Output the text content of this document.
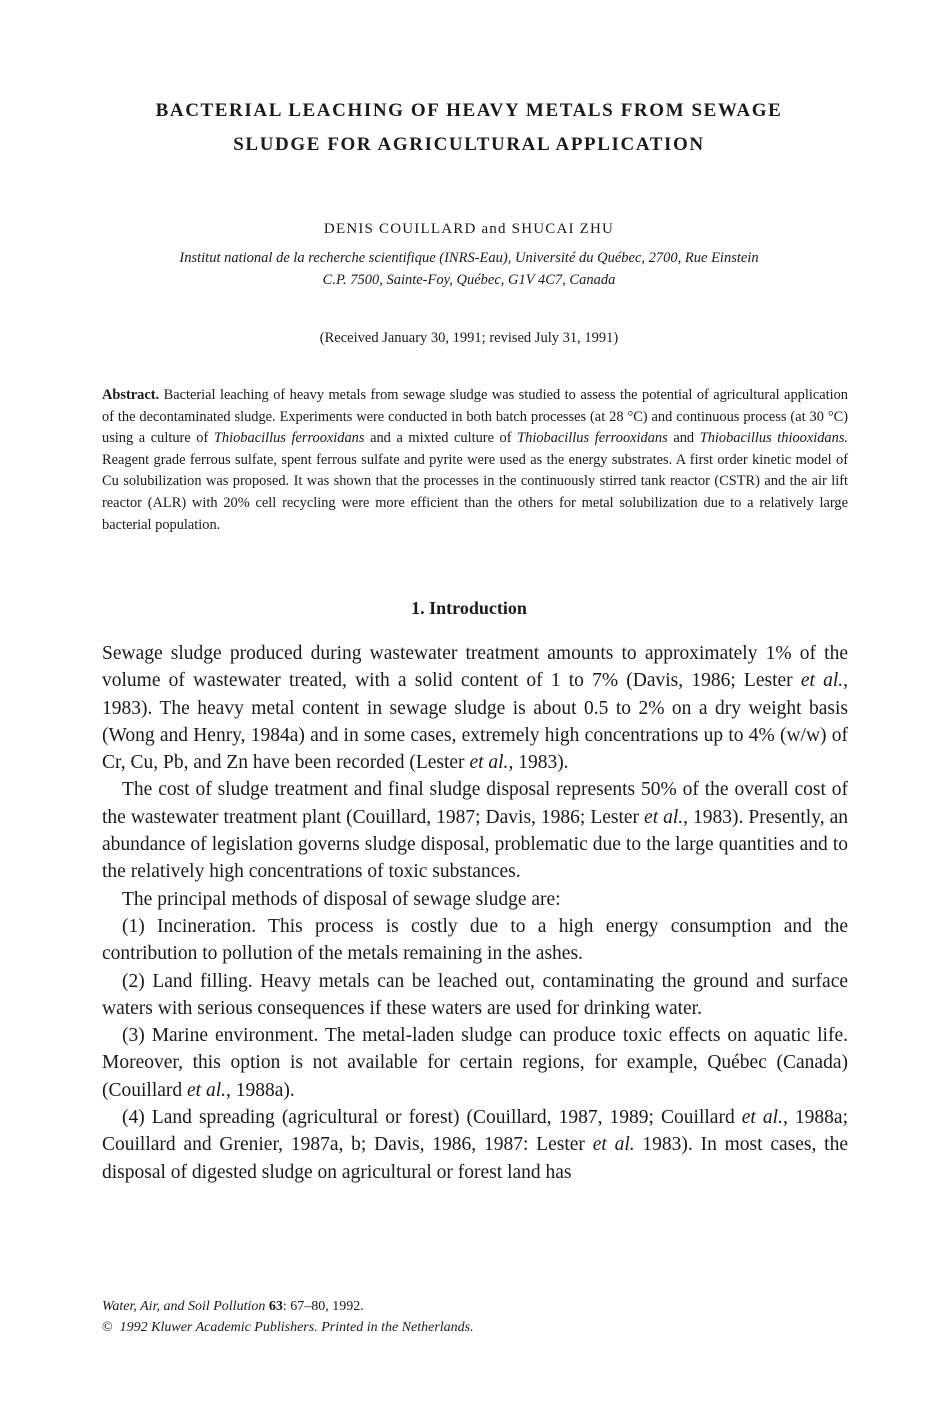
BACTERIAL LEACHING OF HEAVY METALS FROM SEWAGE
SLUDGE FOR AGRICULTURAL APPLICATION
DENIS COUILLARD and SHUCAI ZHU
Institut national de la recherche scientifique (INRS-Eau), Université du Québec, 2700, Rue Einstein
C.P. 7500, Sainte-Foy, Québec, G1V 4C7, Canada
(Received January 30, 1991; revised July 31, 1991)
Abstract. Bacterial leaching of heavy metals from sewage sludge was studied to assess the potential of agricultural application of the decontaminated sludge. Experiments were conducted in both batch processes (at 28 °C) and continuous process (at 30 °C) using a culture of Thiobacillus ferrooxidans and a mixted culture of Thiobacillus ferrooxidans and Thiobacillus thiooxidans. Reagent grade ferrous sulfate, spent ferrous sulfate and pyrite were used as the energy substrates. A first order kinetic model of Cu solubilization was proposed. It was shown that the processes in the continuously stirred tank reactor (CSTR) and the air lift reactor (ALR) with 20% cell recycling were more efficient than the others for metal solubilization due to a relatively large bacterial population.
1. Introduction

Sewage sludge produced during wastewater treatment amounts to approximately 1% of the volume of wastewater treated, with a solid content of 1 to 7% (Davis, 1986; Lester et al., 1983). The heavy metal content in sewage sludge is about 0.5 to 2% on a dry weight basis (Wong and Henry, 1984a) and in some cases, extremely high concentrations up to 4% (w/w) of Cr, Cu, Pb, and Zn have been recorded (Lester et al., 1983).

The cost of sludge treatment and final sludge disposal represents 50% of the overall cost of the wastewater treatment plant (Couillard, 1987; Davis, 1986; Lester et al., 1983). Presently, an abundance of legislation governs sludge disposal, problematic due to the large quantities and to the relatively high concentrations of toxic substances.

The principal methods of disposal of sewage sludge are:

(1) Incineration. This process is costly due to a high energy consumption and the contribution to pollution of the metals remaining in the ashes.

(2) Land filling. Heavy metals can be leached out, contaminating the ground and surface waters with serious consequences if these waters are used for drinking water.

(3) Marine environment. The metal-laden sludge can produce toxic effects on aquatic life. Moreover, this option is not available for certain regions, for example, Québec (Canada) (Couillard et al., 1988a).

(4) Land spreading (agricultural or forest) (Couillard, 1987, 1989; Couillard et al., 1988a; Couillard and Grenier, 1987a, b; Davis, 1986, 1987: Lester et al. 1983). In most cases, the disposal of digested sludge on agricultural or forest land has

Water, Air, and Soil Pollution 63: 67–80, 1992.
© 1992 Kluwer Academic Publishers. Printed in the Netherlands.
